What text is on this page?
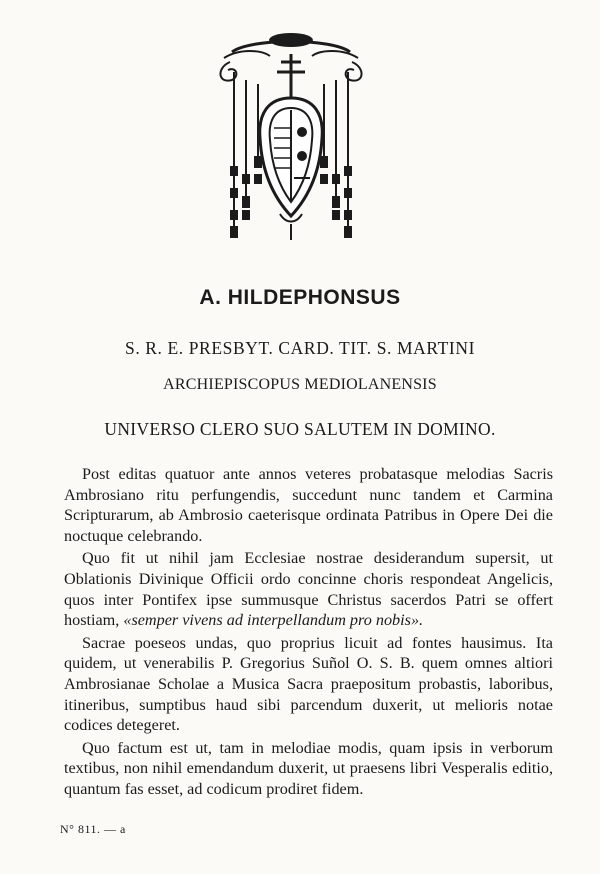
A. HILDEPHONSUS
S. R. E. PRESBYT. CARD. TIT. S. MARTINI
ARCHIEPISCOPUS MEDIOLANENSIS
UNIVERSO CLERO SUO SALUTEM IN DOMINO.

Post editas quatuor ante annos veteres probatasque melodias Sacris Ambrosiano ritu perfungendis, succedunt nunc tandem et Carmina Scripturarum, ab Ambrosio caeterisque ordinata Patribus in Opere Dei die noctuque celebrando.

Quo fit ut nihil jam Ecclesiae nostrae desiderandum supersit, ut Oblationis Divinique Officii ordo concinne choris respondeat Angelicis, quos inter Pontifex ipse summusque Christus sacerdos Patri se offert hostiam, «semper vivens ad interpellandum pro nobis».

Sacrae poeseos undas, quo proprius licuit ad fontes hausimus. Ita quidem, ut venerabilis P. Gregorius Suñol O. S. B. quem omnes altiori Ambrosianae Scholae a Musica Sacra praepositum probastis, laboribus, itineribus, sumptibus haud sibi parcendum duxerit, ut melioris notae codices detegeret.

Quo factum est ut, tam in melodiae modis, quam ipsis in verborum textibus, non nihil emendandum duxerit, ut praesens libri Vesperalis editio, quantum fas esset, ad codicum prodiret fidem.

N° 811. — a
